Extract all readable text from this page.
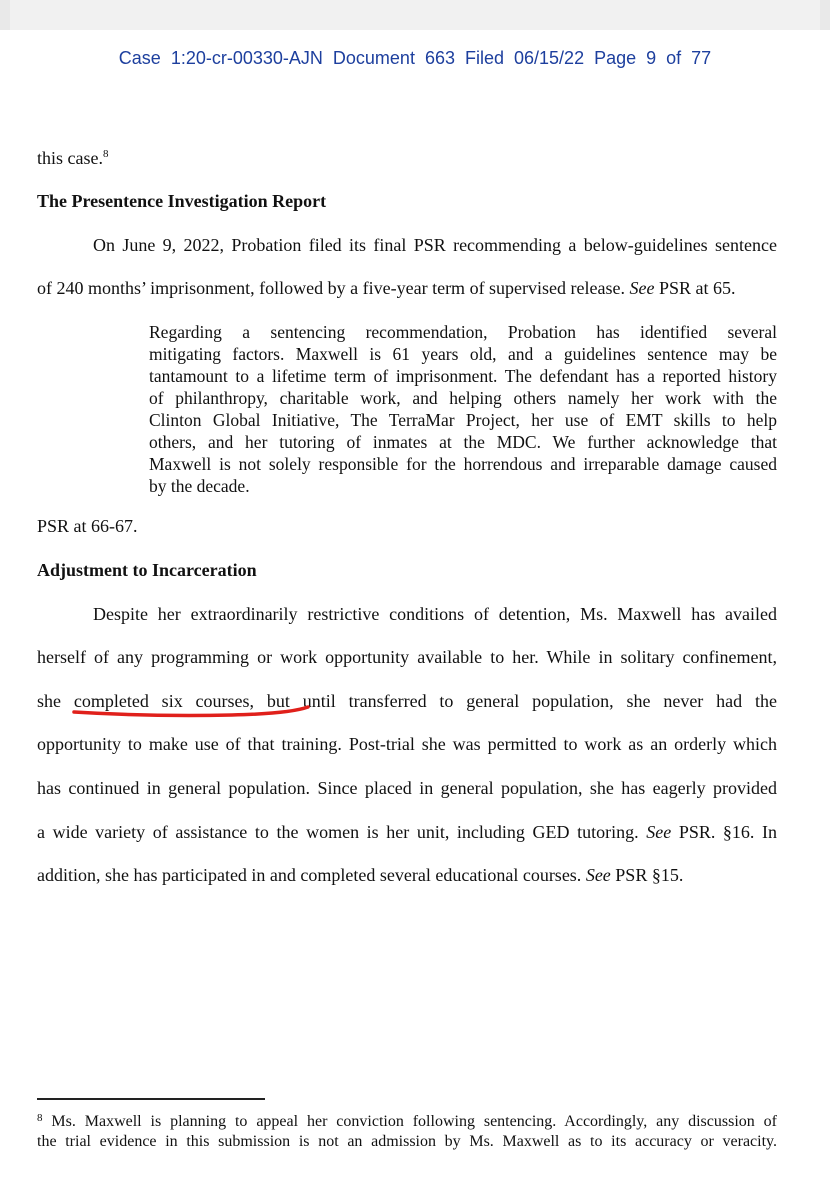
Case 1:20-cr-00330-AJN Document 663 Filed 06/15/22 Page 9 of 77
this case.$^8$
The Presentence Investigation Report
On June 9, 2022, Probation filed its final PSR recommending a below-guidelines sentence
of 240 months’ imprisonment, followed by a five-year term of supervised release. See PSR at 65.
Regarding a sentencing recommendation, Probation has identified several
mitigating factors. Maxwell is 61 years old, and a guidelines sentence may be
tantamount to a lifetime term of imprisonment. The defendant has a reported history
of philanthropy, charitable work, and helping others namely her work with the
Clinton Global Initiative, The TerraMar Project, her use of EMT skills to help
others, and her tutoring of inmates at the MDC. We further acknowledge that
Maxwell is not solely responsible for the horrendous and irreparable damage caused
by the decade.
PSR at 66-67.
Adjustment to Incarceration
Despite her extraordinarily restrictive conditions of detention, Ms. Maxwell has availed
herself of any programming or work opportunity available to her. While in solitary confinement,
she completed six courses, but until transferred to general population, she never had the
opportunity to make use of that training. Post-trial she was permitted to work as an orderly which
has continued in general population. Since placed in general population, she has eagerly provided
a wide variety of assistance to the women is her unit, including GED tutoring. See PSR. §16. In
addition, she has participated in and completed several educational courses. See PSR §15.
$^8$ Ms. Maxwell is planning to appeal her conviction following sentencing. Accordingly, any discussion of
the trial evidence in this submission is not an admission by Ms. Maxwell as to its accuracy or veracity.
